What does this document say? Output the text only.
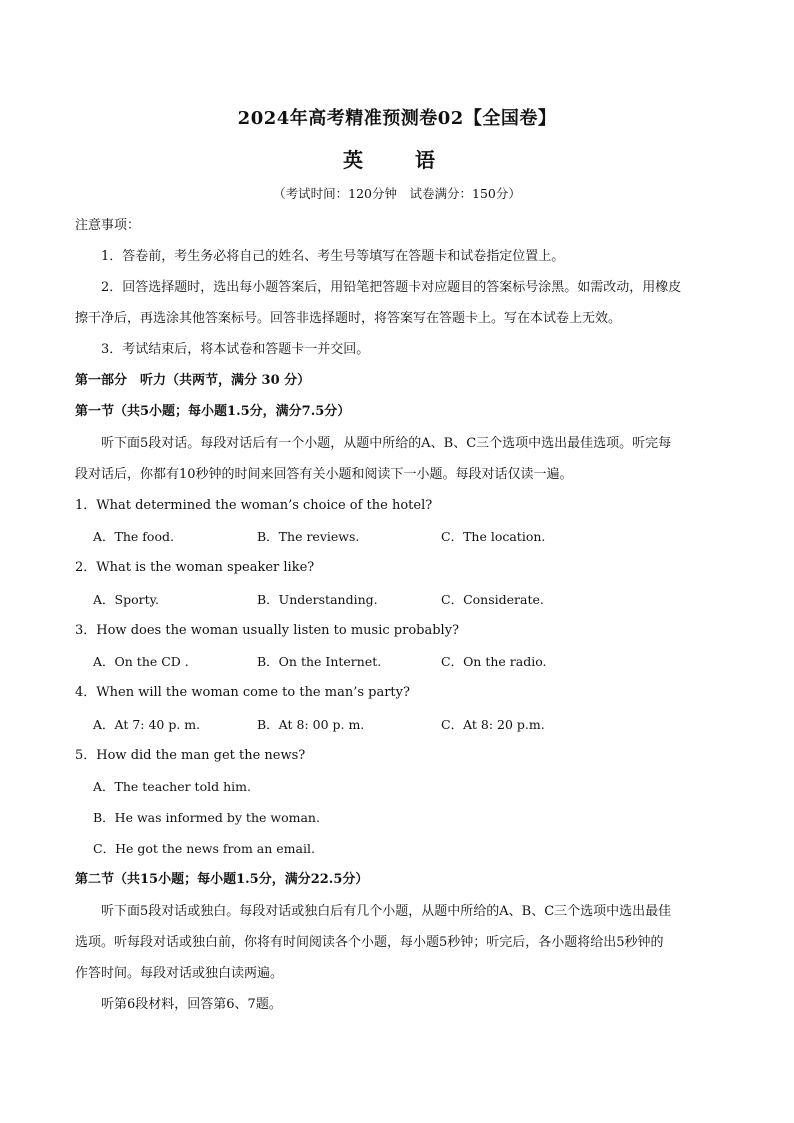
2024年高考精准预测卷02【全国卷】
英　语
（考试时间：120分钟　试卷满分：150分）
注意事项：
1．答卷前，考生务必将自己的姓名、考生号等填写在答题卡和试卷指定位置上。
2．回答选择题时，选出每小题答案后，用铅笔把答题卡对应题目的答案标号涂黑。如需改动，用橡皮
擦干净后，再选涂其他答案标号。回答非选择题时，将答案写在答题卡上。写在本试卷上无效。
3．考试结束后，将本试卷和答题卡一并交回。
第一部分　听力（共两节，满分 30 分）
第一节（共5小题；每小题1.5分，满分7.5分）
听下面5段对话。每段对话后有一个小题，从题中所给的A、B、C三个选项中选出最佳选项。听完每
段对话后，你都有10秒钟的时间来回答有关小题和阅读下一小题。每段对话仅读一遍。
1．What determined the woman’s choice of the hotel?
A．The food.	B．The reviews.	C．The location.
2．What is the woman speaker like?
A．Sporty.	B．Understanding.	C．Considerate.
3．How does the woman usually listen to music probably?
A．On the CD .	B．On the Internet.	C．On the radio.
4．When will the woman come to the man’s party?
A．At 7: 40 p. m.	B．At 8: 00 p. m.	C．At 8: 20 p.m.
5．How did the man get the news?
A．The teacher told him.
B．He was informed by the woman.
C．He got the news from an email.
第二节（共15小题；每小题1.5分，满分22.5分）
听下面5段对话或独白。每段对话或独白后有几个小题，从题中所给的A、B、C三个选项中选出最佳
选项。听每段对话或独白前，你将有时间阅读各个小题，每小题5秒钟；听完后，各小题将给出5秒钟的
作答时间。每段对话或独白读两遍。
听第6段材料，回答第6、7题。
